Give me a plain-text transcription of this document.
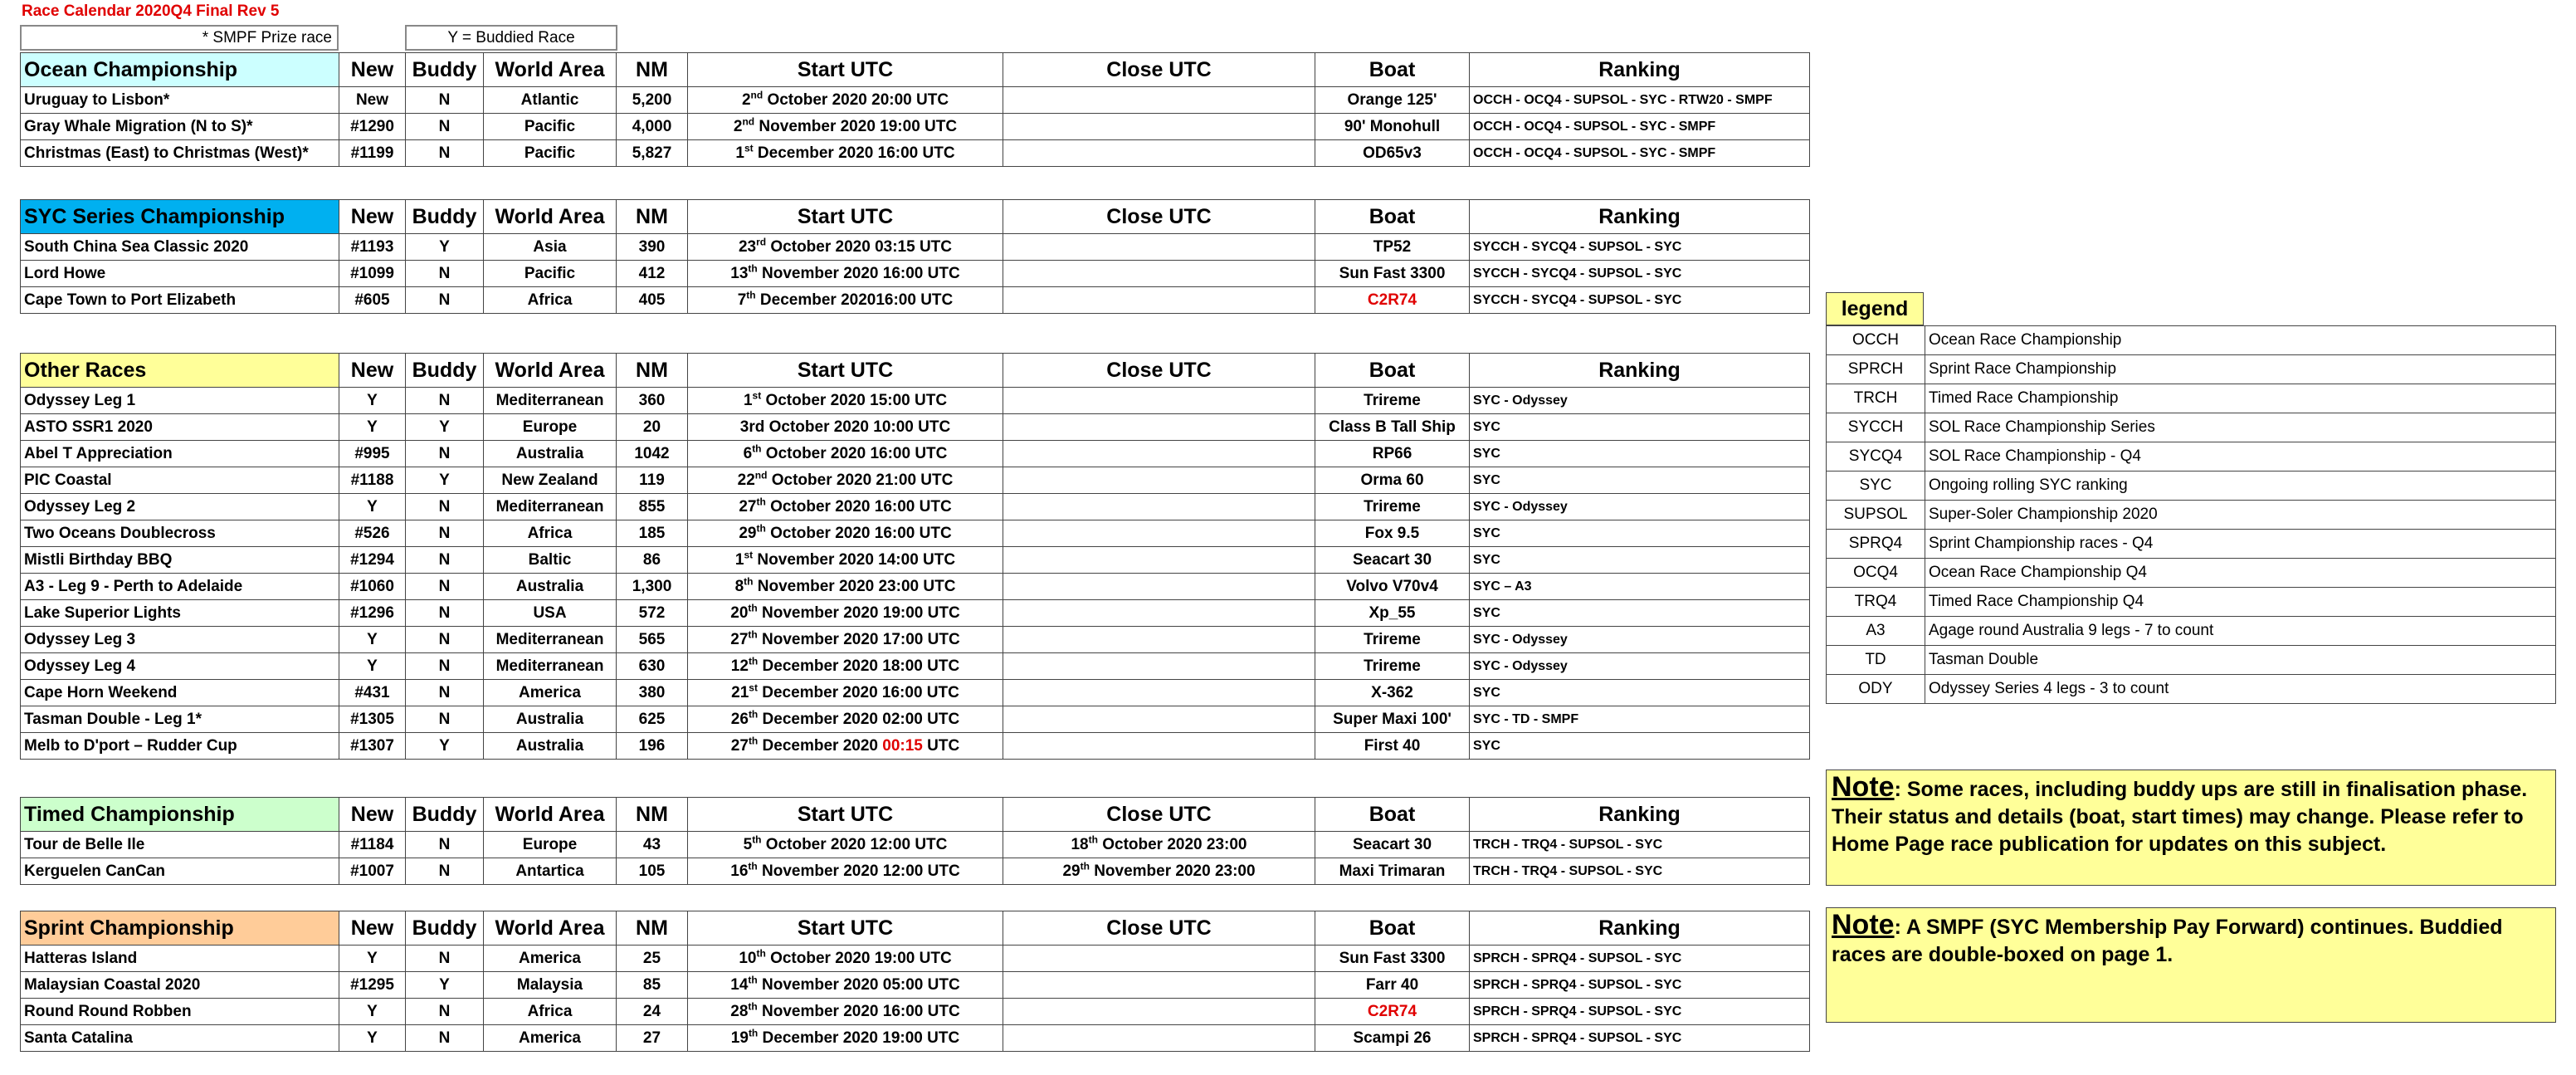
Race Calendar 2020Q4 Final Rev 5
* SMPF Prize race	Y = Buddied Race
Ocean Championship	New	Buddy	World Area	NM	Start UTC	Close UTC	Boat	Ranking
Uruguay to Lisbon*	New	N	Atlantic	5,200	2nd October 2020 20:00 UTC		Orange 125'	OCCH - OCQ4 - SUPSOL - SYC - RTW20 - SMPF
Gray Whale Migration (N to S)*	#1290	N	Pacific	4,000	2nd November 2020 19:00 UTC		90' Monohull	OCCH - OCQ4 - SUPSOL - SYC - SMPF
Christmas (East) to Christmas (West)*	#1199	N	Pacific	5,827	1st December 2020 16:00 UTC		OD65v3	OCCH - OCQ4 - SUPSOL - SYC - SMPF
SYC Series Championship	New	Buddy	World Area	NM	Start UTC	Close UTC	Boat	Ranking
South China Sea Classic 2020	#1193	Y	Asia	390	23rd October 2020 03:15 UTC		TP52	SYCCH - SYCQ4 - SUPSOL - SYC
Lord Howe	#1099	N	Pacific	412	13th November 2020 16:00 UTC		Sun Fast 3300	SYCCH - SYCQ4 - SUPSOL - SYC
Cape Town to Port Elizabeth	#605	N	Africa	405	7th December 202016:00 UTC		C2R74	SYCCH - SYCQ4 - SUPSOL - SYC
Other Races	New	Buddy	World Area	NM	Start UTC	Close UTC	Boat	Ranking
Odyssey Leg 1	Y	N	Mediterranean	360	1st October 2020 15:00 UTC		Trireme	SYC - Odyssey
ASTO SSR1 2020	Y	Y	Europe	20	3rd October 2020 10:00 UTC		Class B Tall Ship	SYC
Abel T Appreciation	#995	N	Australia	1042	6th October 2020 16:00 UTC		RP66	SYC
PIC Coastal	#1188	Y	New Zealand	119	22nd October 2020 21:00 UTC		Orma 60	SYC
Odyssey Leg 2	Y	N	Mediterranean	855	27th October 2020 16:00 UTC		Trireme	SYC - Odyssey
Two Oceans Doublecross	#526	N	Africa	185	29th October 2020 16:00 UTC		Fox 9.5	SYC
Mistli Birthday BBQ	#1294	N	Baltic	86	1st November 2020 14:00 UTC		Seacart 30	SYC
A3 - Leg 9 - Perth to Adelaide	#1060	N	Australia	1,300	8th November 2020 23:00 UTC		Volvo V70v4	SYC – A3
Lake Superior Lights	#1296	N	USA	572	20th November 2020 19:00 UTC		Xp_55	SYC
Odyssey Leg 3	Y	N	Mediterranean	565	27th November 2020 17:00 UTC		Trireme	SYC - Odyssey
Odyssey Leg 4	Y	N	Mediterranean	630	12th December 2020 18:00 UTC		Trireme	SYC - Odyssey
Cape Horn Weekend	#431	N	America	380	21st December 2020 16:00 UTC		X-362	SYC
Tasman Double - Leg 1*	#1305	N	Australia	625	26th December 2020 02:00 UTC		Super Maxi 100'	SYC - TD - SMPF
Melb to D'port – Rudder Cup	#1307	Y	Australia	196	27th December 2020 00:15 UTC		First 40	SYC
Timed Championship	New	Buddy	World Area	NM	Start UTC	Close UTC	Boat	Ranking
Tour de Belle Ile	#1184	N	Europe	43	5th October 2020 12:00 UTC	18th October 2020 23:00	Seacart 30	TRCH - TRQ4 - SUPSOL - SYC
Kerguelen CanCan	#1007	N	Antartica	105	16th November 2020 12:00 UTC	29th November 2020 23:00	Maxi Trimaran	TRCH - TRQ4 - SUPSOL - SYC
Sprint Championship	New	Buddy	World Area	NM	Start UTC	Close UTC	Boat	Ranking
Hatteras Island	Y	N	America	25	10th October 2020 19:00 UTC		Sun Fast 3300	SPRCH - SPRQ4 - SUPSOL - SYC
Malaysian Coastal 2020	#1295	Y	Malaysia	85	14th November 2020 05:00 UTC		Farr 40	SPRCH - SPRQ4 - SUPSOL - SYC
Round Round Robben	Y	N	Africa	24	28th November 2020 16:00 UTC		C2R74	SPRCH - SPRQ4 - SUPSOL - SYC
Santa Catalina	Y	N	America	27	19th December 2020 19:00 UTC		Scampi 26	SPRCH - SPRQ4 - SUPSOL - SYC
legend
OCCH	Ocean Race Championship
SPRCH	Sprint Race Championship
TRCH	Timed Race Championship
SYCCH	SOL Race Championship Series
SYCQ4	SOL Race Championship - Q4
SYC	Ongoing rolling SYC ranking
SUPSOL	Super-Soler Championship 2020
SPRQ4	Sprint Championship races - Q4
OCQ4	Ocean Race Championship Q4
TRQ4	Timed Race Championship Q4
A3	Agage round Australia 9 legs - 7 to count
TD	Tasman Double
ODY	Odyssey Series 4 legs - 3 to count
Note: Some races, including buddy ups are still in finalisation phase. Their status and details (boat, start times) may change. Please refer to Home Page race publication for updates on this subject.
Note: A SMPF (SYC Membership Pay Forward) continues. Buddied races are double-boxed on page 1.
